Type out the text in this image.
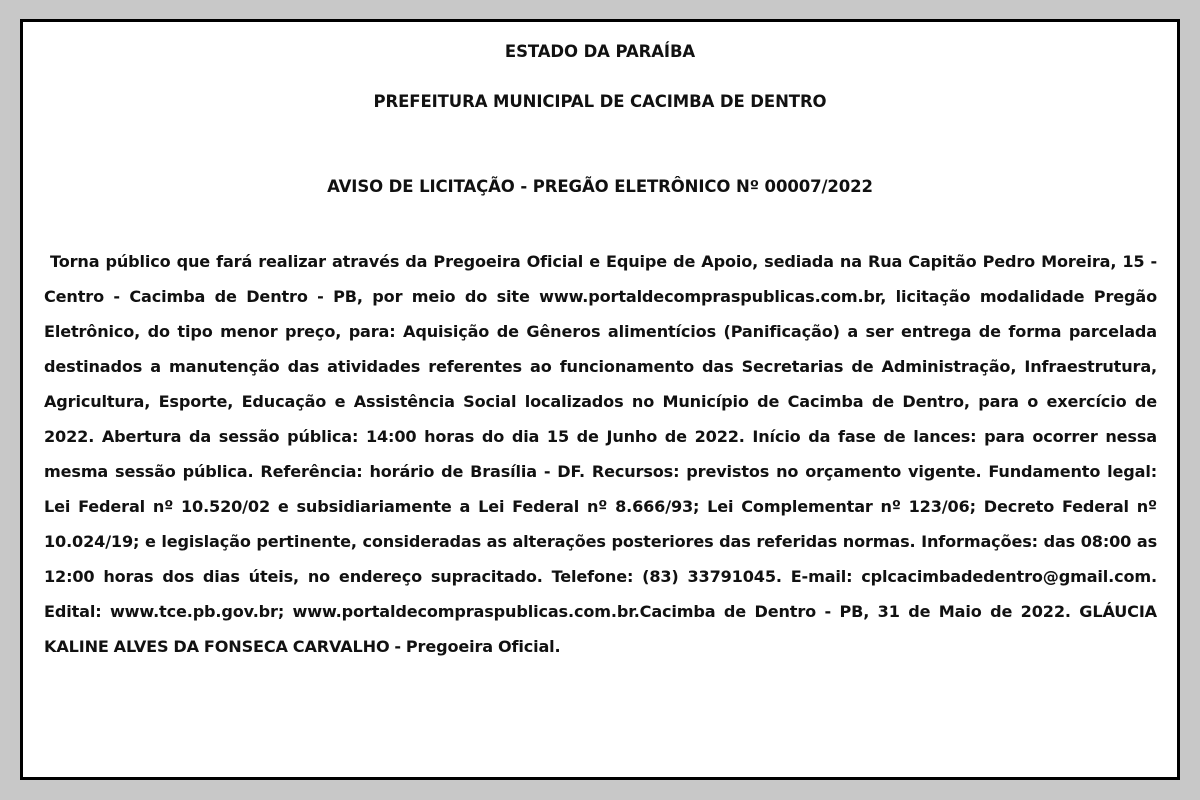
ESTADO DA PARAÍBA
PREFEITURA MUNICIPAL DE CACIMBA DE DENTRO
AVISO DE LICITAÇÃO - PREGÃO ELETRÔNICO Nº 00007/2022
Torna público que fará realizar através da Pregoeira Oficial e Equipe de Apoio, sediada na Rua Capitão Pedro Moreira, 15 - Centro - Cacimba de Dentro - PB, por meio do site www.portaldecompraspublicas.com.br, licitação modalidade Pregão Eletrônico, do tipo menor preço, para: Aquisição de Gêneros alimentícios (Panificação) a ser entrega de forma parcelada destinados a manutenção das atividades referentes ao funcionamento das Secretarias de Administração, Infraestrutura, Agricultura, Esporte, Educação e Assistência Social localizados no Município de Cacimba de Dentro, para o exercício de 2022. Abertura da sessão pública: 14:00 horas do dia 15 de Junho de 2022. Início da fase de lances: para ocorrer nessa mesma sessão pública. Referência: horário de Brasília - DF. Recursos: previstos no orçamento vigente. Fundamento legal: Lei Federal nº 10.520/02 e subsidiariamente a Lei Federal nº 8.666/93; Lei Complementar nº 123/06; Decreto Federal nº 10.024/19; e legislação pertinente, consideradas as alterações posteriores das referidas normas. Informações: das 08:00 as 12:00 horas dos dias úteis, no endereço supracitado. Telefone: (83) 33791045. E-mail: cplcacimbadedentro@gmail.com. Edital: www.tce.pb.gov.br; www.portaldecompraspublicas.com.br.Cacimba de Dentro - PB, 31 de Maio de 2022. GLÁUCIA KALINE ALVES DA FONSECA CARVALHO - Pregoeira Oficial.
